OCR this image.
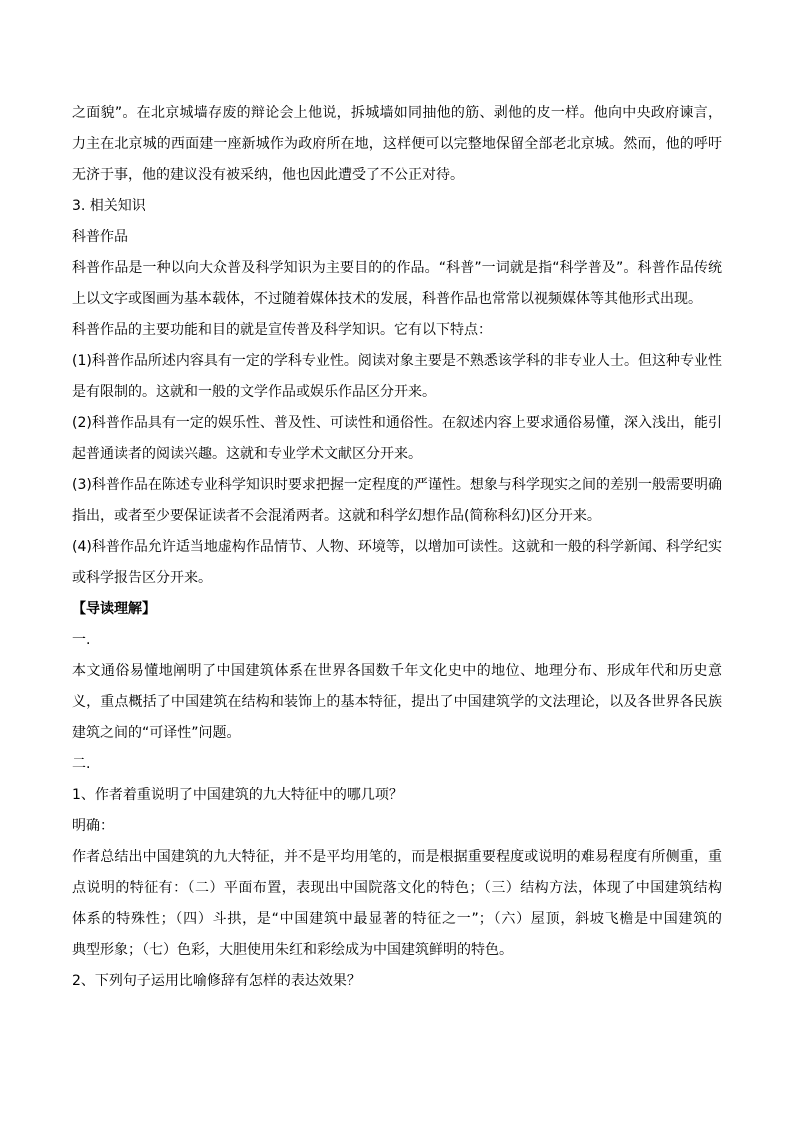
之面貌”。在北京城墙存废的辩论会上他说，拆城墙如同抽他的筋、剥他的皮一样。他向中央政府谏言，
力主在北京城的西面建一座新城作为政府所在地，这样便可以完整地保留全部老北京城。然而，他的呼吁
无济于事，他的建议没有被采纳，他也因此遭受了不公正对待。
3. 相关知识
科普作品
科普作品是一种以向大众普及科学知识为主要目的的作品。“科普”一词就是指“科学普及”。科普作品传统
上以文字或图画为基本载体，不过随着媒体技术的发展，科普作品也常常以视频媒体等其他形式出现。
科普作品的主要功能和目的就是宣传普及科学知识。它有以下特点：
(1)科普作品所述内容具有一定的学科专业性。阅读对象主要是不熟悉该学科的非专业人士。但这种专业性
是有限制的。这就和一般的文学作品或娱乐作品区分开来。
(2)科普作品具有一定的娱乐性、普及性、可读性和通俗性。在叙述内容上要求通俗易懂，深入浅出，能引
起普通读者的阅读兴趣。这就和专业学术文献区分开来。
(3)科普作品在陈述专业科学知识时要求把握一定程度的严谨性。想象与科学现实之间的差别一般需要明确
指出，或者至少要保证读者不会混淆两者。这就和科学幻想作品(简称科幻)区分开来。
(4)科普作品允许适当地虚构作品情节、人物、环境等，以增加可读性。这就和一般的科学新闻、科学纪实
或科学报告区分开来。
【导读理解】
一.
本文通俗易懂地阐明了中国建筑体系在世界各国数千年文化史中的地位、地理分布、形成年代和历史意
义，重点概括了中国建筑在结构和装饰上的基本特征，提出了中国建筑学的文法理论，以及各世界各民族
建筑之间的“可译性”问题。
二.
1、作者着重说明了中国建筑的九大特征中的哪几项？
明确：
作者总结出中国建筑的九大特征，并不是平均用笔的，而是根据重要程度或说明的难易程度有所侧重，重
点说明的特征有：（二）平面布置，表现出中国院落文化的特色；（三）结构方法，体现了中国建筑结构
体系的特殊性；（四）斗拱，是“中国建筑中最显著的特征之一”；（六）屋顶，斜坡飞檐是中国建筑的
典型形象；（七）色彩，大胆使用朱红和彩绘成为中国建筑鲜明的特色。
2、下列句子运用比喻修辞有怎样的表达效果？
